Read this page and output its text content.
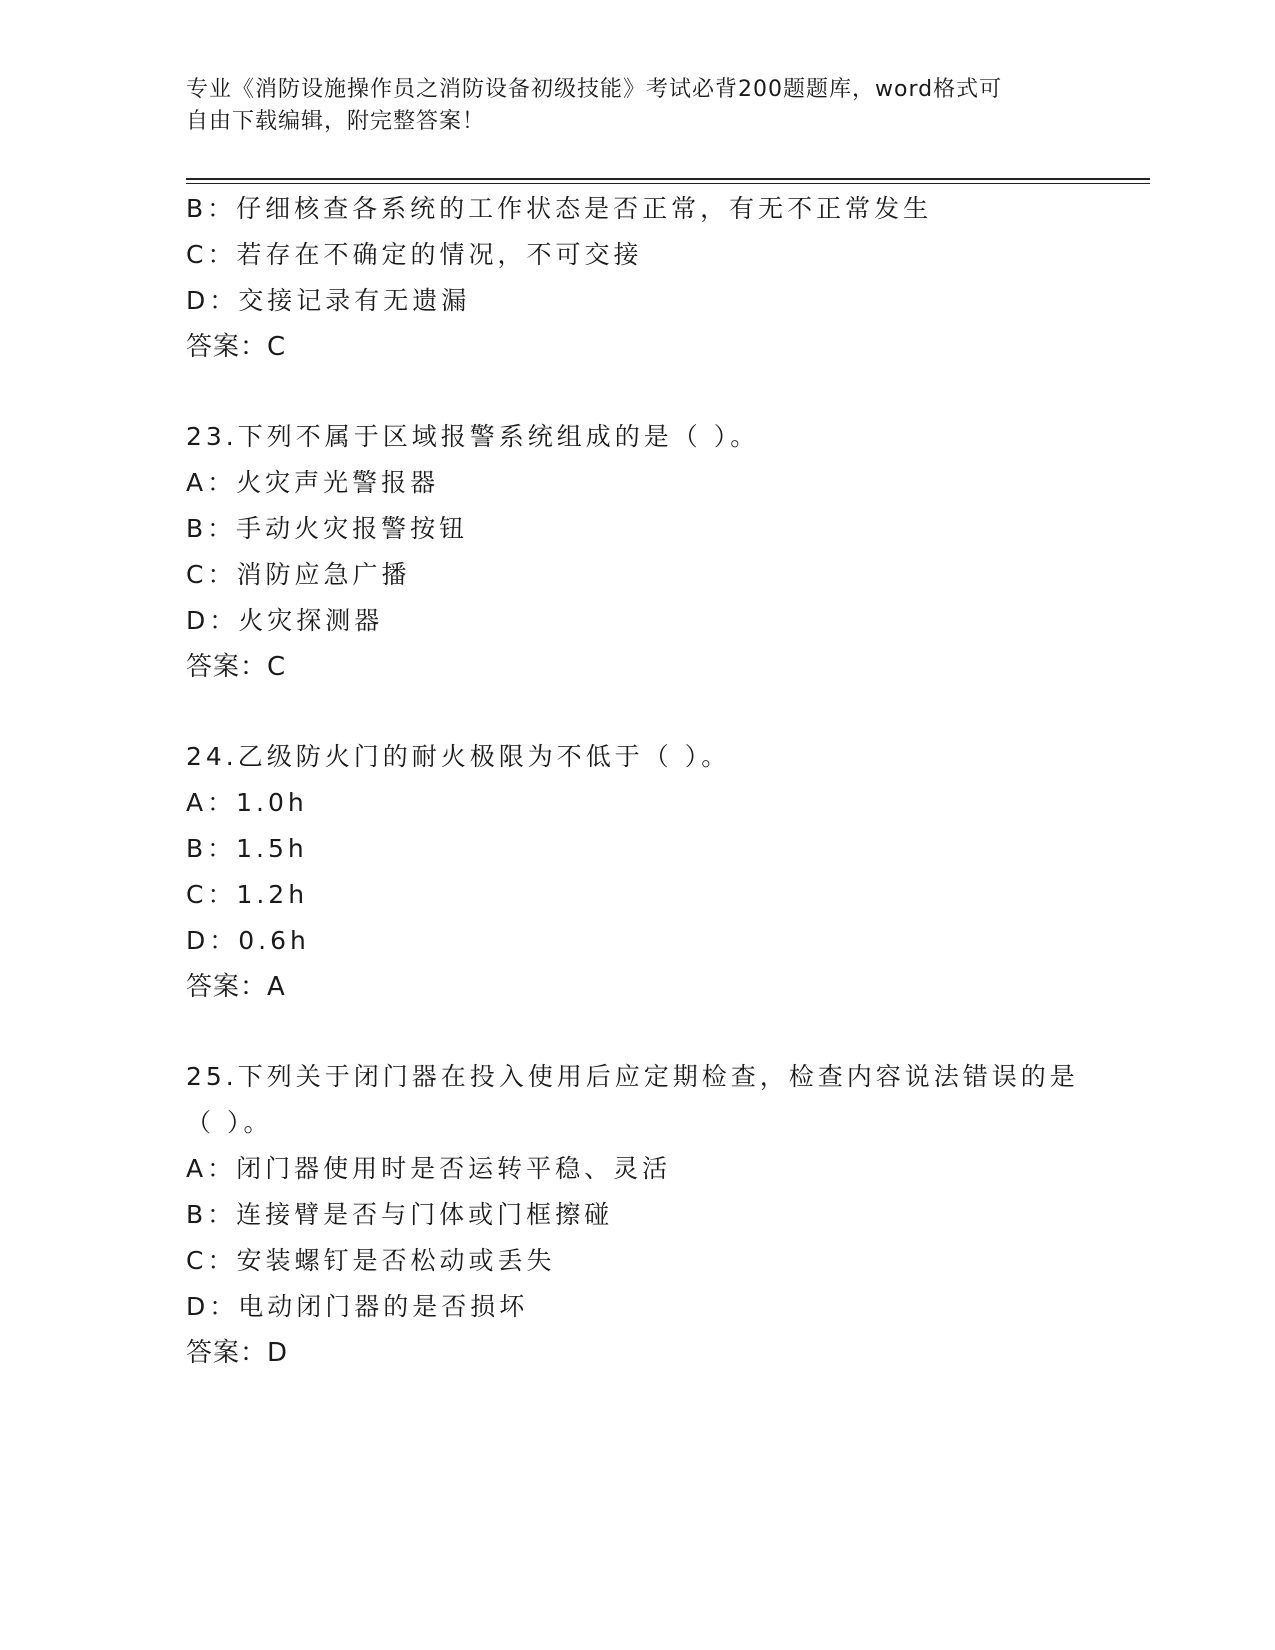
专业《消防设施操作员之消防设备初级技能》考试必背200题题库，word格式可
自由下载编辑，附完整答案！
B：仔细核查各系统的工作状态是否正常，有无不正常发生
C：若存在不确定的情况，不可交接
D：交接记录有无遗漏
答案：C
23.下列不属于区域报警系统组成的是（ ）。
A：火灾声光警报器
B：手动火灾报警按钮
C：消防应急广播
D：火灾探测器
答案：C
24.乙级防火门的耐火极限为不低于（ ）。
A：1.0h
B：1.5h
C：1.2h
D：0.6h
答案：A
25.下列关于闭门器在投入使用后应定期检查，检查内容说法错误的是
（ ）。
A：闭门器使用时是否运转平稳、灵活
B：连接臂是否与门体或门框擦碰
C：安装螺钉是否松动或丢失
D：电动闭门器的是否损坏
答案：D
